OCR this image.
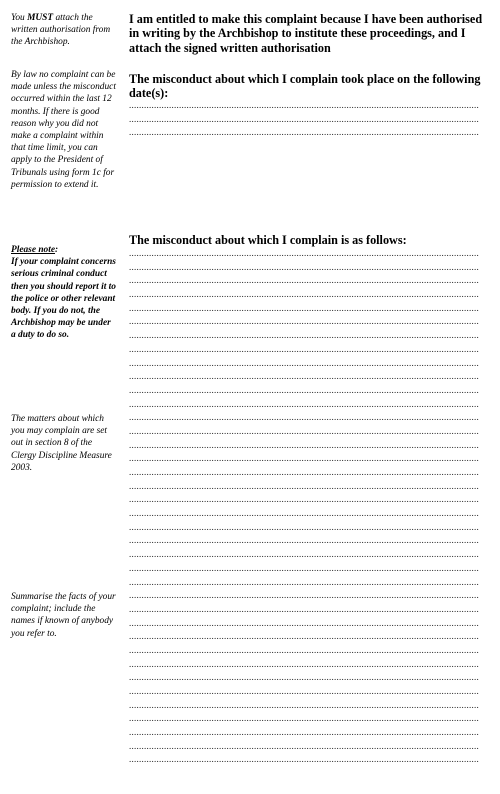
You MUST attach the written authorisation from the Archbishop.
By law no complaint can be made unless the misconduct occurred within the last 12 months. If there is good reason why you did not make a complaint within that time limit, you can apply to the President of Tribunals using form 1c for permission to extend it.
Please note:
If your complaint concerns serious criminal conduct then you should report it to the police or other relevant body. If you do not, the Archbishop may be under a duty to do so.
The matters about which you may complain are set out in section 8 of the Clergy Discipline Measure 2003.
Summarise the facts of your complaint; include the names if known of anybody you refer to.
I am entitled to make this complaint because I have been authorised in writing by the Archbishop to institute these proceedings, and I attach the signed written authorisation
The misconduct about which I complain took place on the following date(s):
............................................................................................................................................
............................................................................................................................................
............................................................................................................................................
The misconduct about which I complain is as follows:
............................................................................................................................................
............................................................................................................................................
............................................................................................................................................
............................................................................................................................................
............................................................................................................................................
............................................................................................................................................
............................................................................................................................................
............................................................................................................................................
............................................................................................................................................
............................................................................................................................................
............................................................................................................................................
............................................................................................................................................
............................................................................................................................................
............................................................................................................................................
............................................................................................................................................
............................................................................................................................................
............................................................................................................................................
............................................................................................................................................
............................................................................................................................................
............................................................................................................................................
............................................................................................................................................
............................................................................................................................................
............................................................................................................................................
............................................................................................................................................
............................................................................................................................................
............................................................................................................................................
............................................................................................................................................
............................................................................................................................................
............................................................................................................................................
............................................................................................................................................
............................................................................................................................................
............................................................................................................................................
............................................................................................................................................
............................................................................................................................................
............................................................................................................................................
............................................................................................................................................
............................................................................................................................................
............................................................................................................................................
